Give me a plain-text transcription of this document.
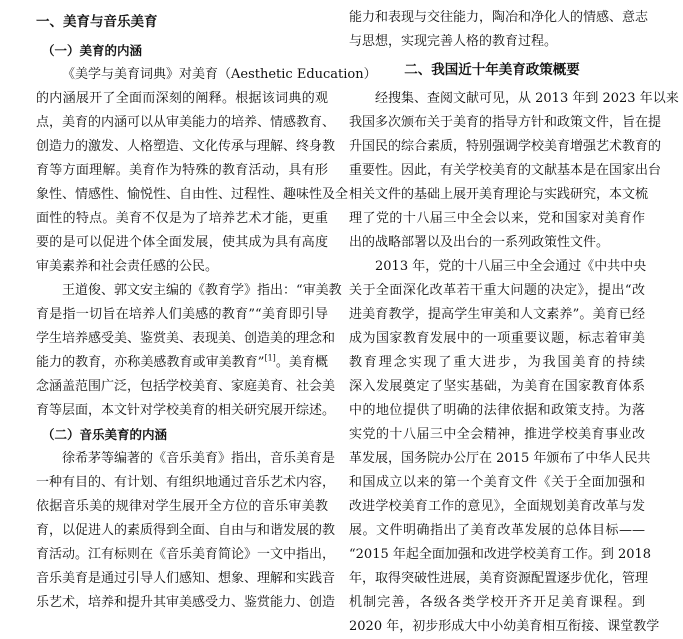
一、美育与音乐美育
（一）美育的内涵
《美学与美育词典》对美育（Aesthetic Education）
的内涵展开了全面而深刻的阐释。根据该词典的观
点，美育的内涵可以从审美能力的培养、情感教育、
创造力的激发、人格塑造、文化传承与理解、终身教
育等方面理解。美育作为特殊的教育活动，具有形
象性、情感性、愉悦性、自由性、过程性、趣味性及全
面性的特点。美育不仅是为了培养艺术才能，更重
要的是可以促进个体全面发展，使其成为具有高度
审美素养和社会责任感的公民。
王道俊、郭文安主编的《教育学》指出：“审美教
育是指一切旨在培养人们美感的教育”“美育即引导
学生培养感受美、鉴赏美、表现美、创造美的理念和
能力的教育，亦称美感教育或审美教育”[1]。美育概
念涵盖范围广泛，包括学校美育、家庭美育、社会美
育等层面，本文针对学校美育的相关研究展开综述。
（二）音乐美育的内涵
徐希茅等编著的《音乐美育》指出，音乐美育是
一种有目的、有计划、有组织地通过音乐艺术内容，
依据音乐美的规律对学生展开全方位的音乐审美教
育，以促进人的素质得到全面、自由与和谐发展的教
育活动。江有标则在《音乐美育简论》一文中指出，
音乐美育是通过引导人们感知、想象、理解和实践音
乐艺术，培养和提升其审美感受力、鉴赏能力、创造
能力和表现与交往能力，陶冶和净化人的情感、意志
与思想，实现完善人格的教育过程。
二、我国近十年美育政策概要
经搜集、查阅文献可见，从 2013 年到 2023 年以来
我国多次颁布关于美育的指导方针和政策文件，旨在提
升国民的综合素质，特别强调学校美育增强艺术教育的
重要性。因此，有关学校美育的文献基本是在国家出台
相关文件的基础上展开美育理论与实践研究，本文梳
理了党的十八届三中全会以来，党和国家对美育作
出的战略部署以及出台的一系列政策性文件。
2013 年，党的十八届三中全会通过《中共中央
关于全面深化改革若干重大问题的决定》，提出“改
进美育教学，提高学生审美和人文素养”。美育已经
成为国家教育发展中的一项重要议题，标志着审美
教育理念实现了重大进步，为我国美育的持续
深入发展奠定了坚实基础，为美育在国家教育体系
中的地位提供了明确的法律依据和政策支持。为落
实党的十八届三中全会精神，推进学校美育事业改
革发展，国务院办公厅在 2015 年颁布了中华人民共
和国成立以来的第一个美育文件《关于全面加强和
改进学校美育工作的意见》，全面规划美育改革与发
展。文件明确指出了美育改革发展的总体目标——
“2015 年起全面加强和改进学校美育工作。到 2018
年，取得突破性进展，美育资源配置逐步优化，管理
机制完善，各级各类学校开齐开足美育课程。到
2020 年，初步形成大中小幼美育相互衔接、课堂教学
